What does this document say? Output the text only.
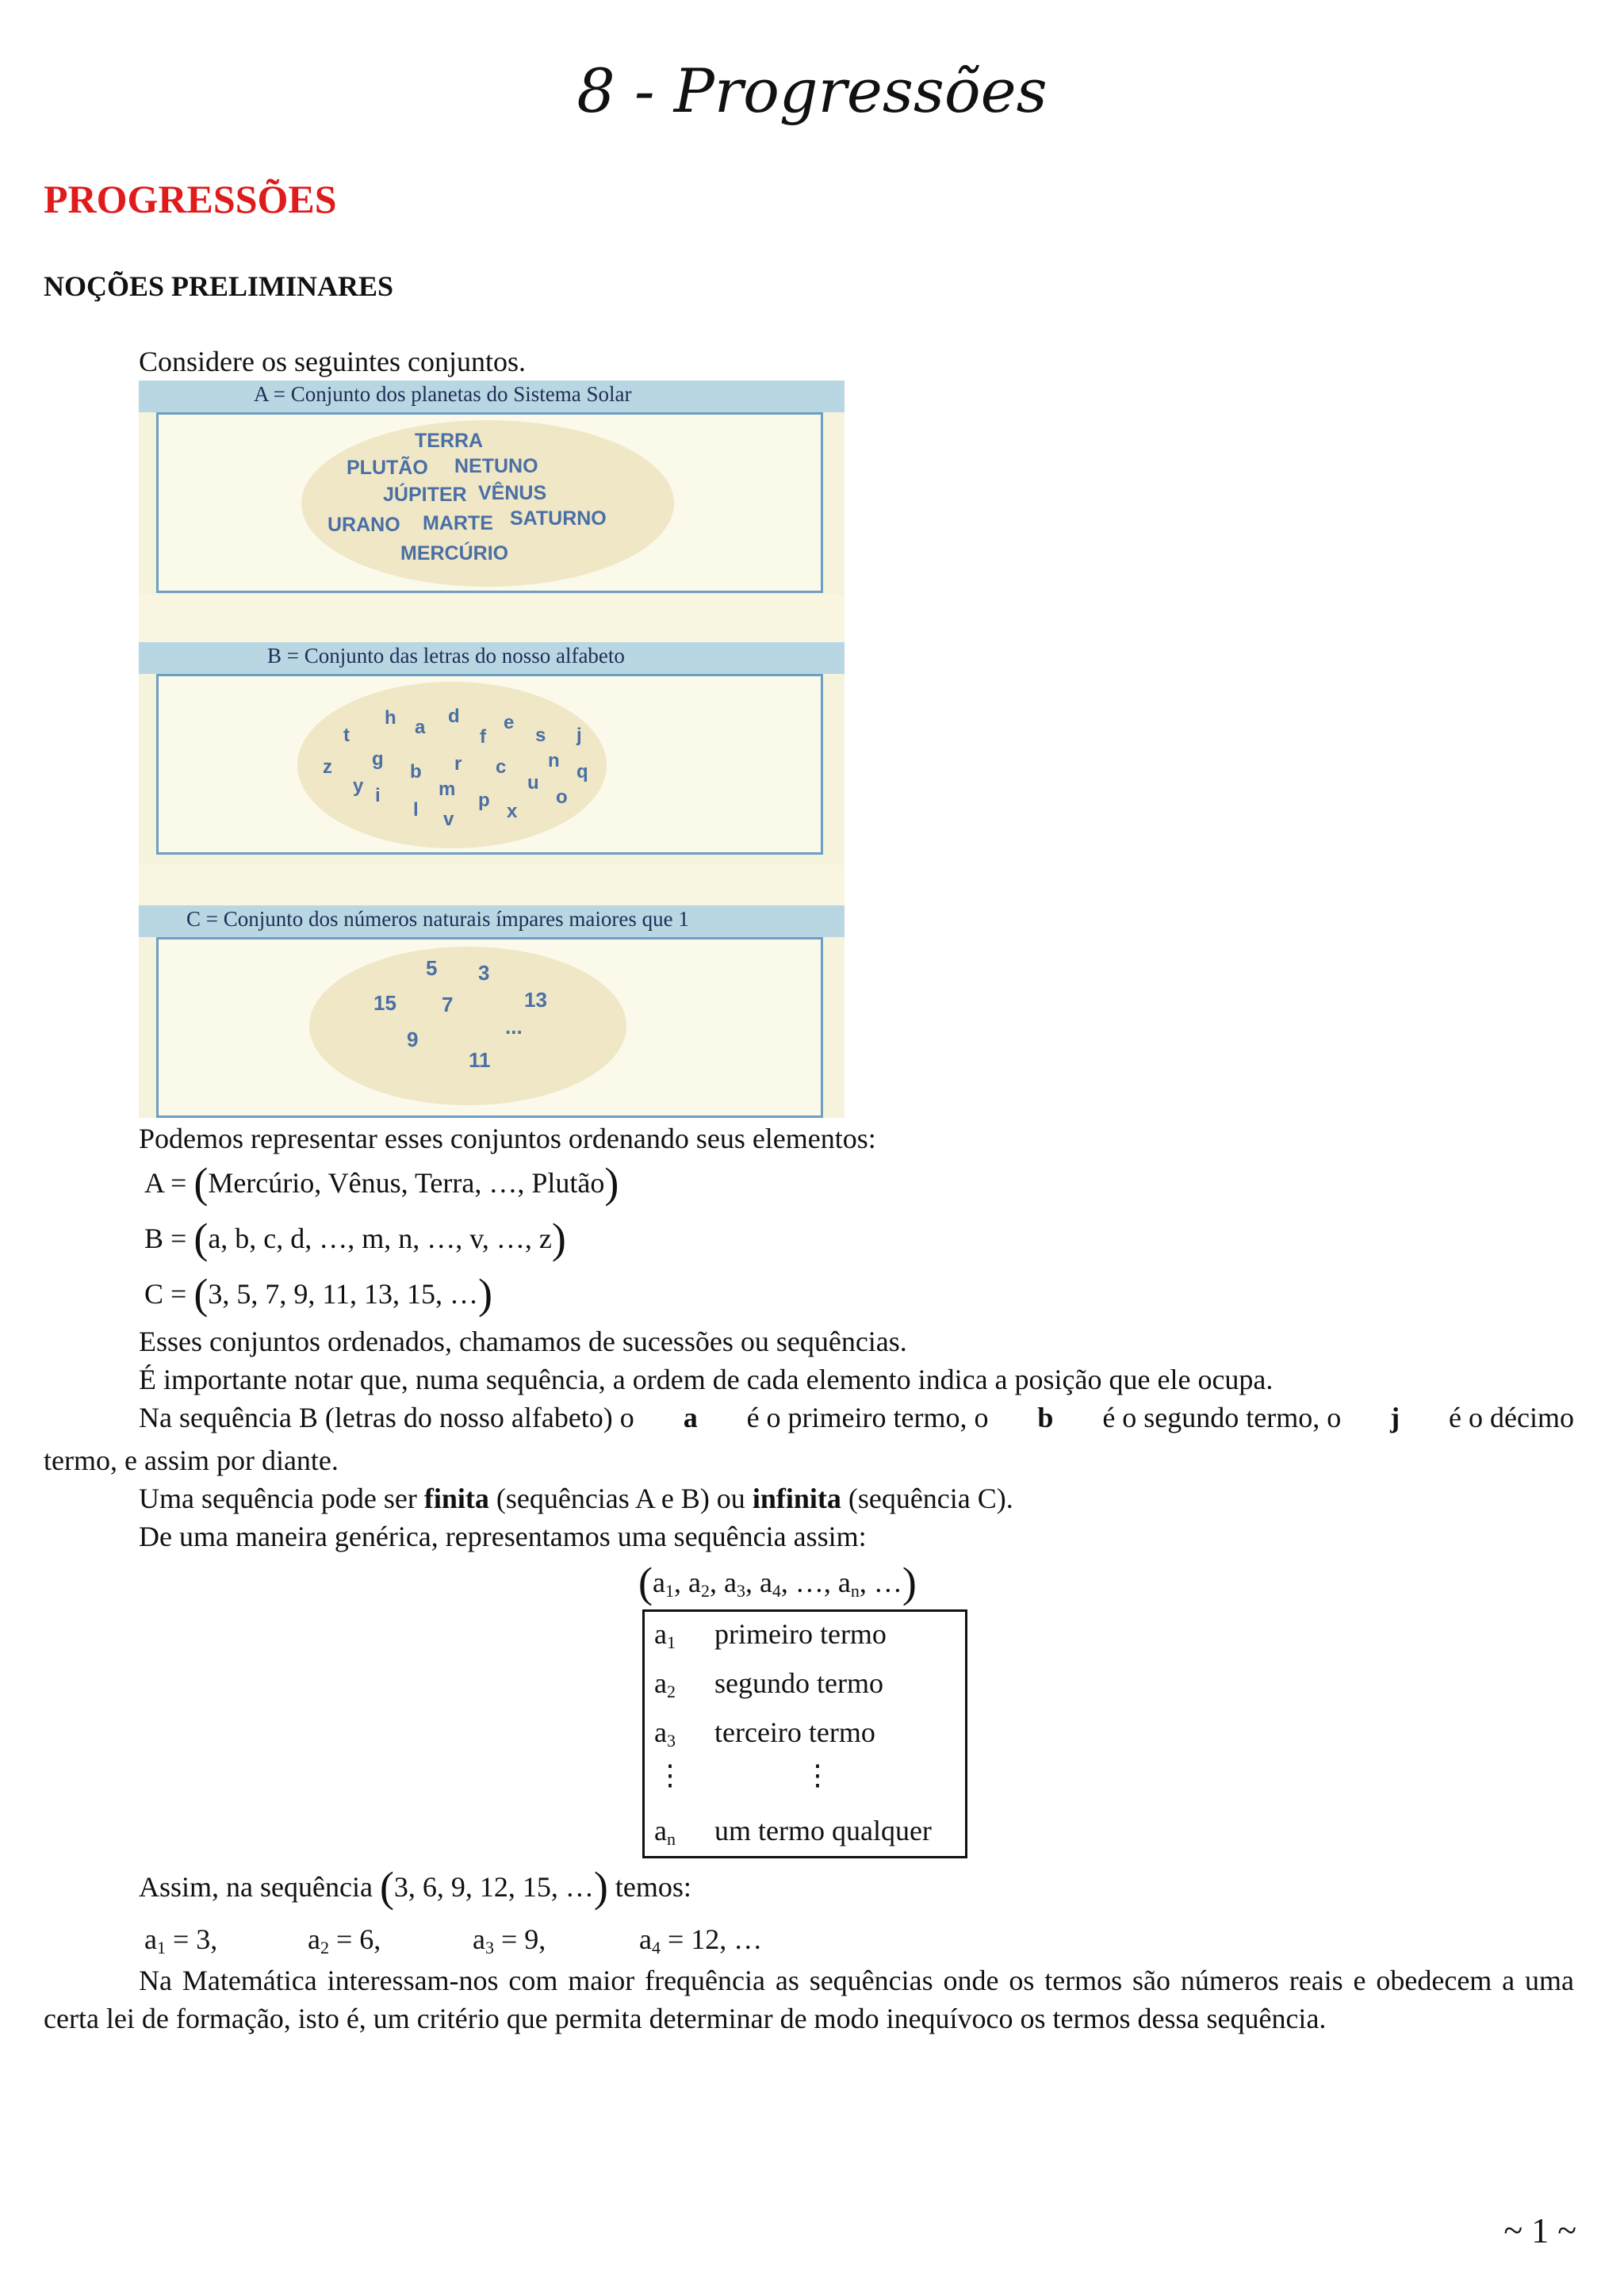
8 - Progressões
PROGRESSÕES
NOÇÕES PRELIMINARES
Considere os seguintes conjuntos.
A = Conjunto dos planetas do Sistema Solar
TERRA
PLUTÃO NETUNO
JÚPITER VÊNUS
URANO MARTE SATURNO
MERCÚRIO
B = Conjunto das letras do nosso alfabeto
h	d
a	e
t	f	s j
z g	r c n
b	q
y	m	u
i	p	o
l	x
v
C = Conjunto dos números naturais ímpares maiores que 1
5 3
15 7	13
...
9
11
Podemos representar esses conjuntos ordenando seus elementos:
A = (Mercúrio, Vênus, Terra, …, Plutão)
B = (a, b, c, d, …, m, n, …, v, …, z)
C = (3, 5, 7, 9, 11, 13, 15, …)
Esses conjuntos ordenados, chamamos de sucessões ou sequências.
É importante notar que, numa sequência, a ordem de cada elemento indica a posição que ele ocupa.
Na sequência B (letras do nosso alfabeto) o a é o primeiro termo, o b é o segundo termo, o j é o décimo
termo, e assim por diante.
Uma sequência pode ser finita (sequências A e B) ou infinita (sequência C).
De uma maneira genérica, representamos uma sequência assim:
($a_1$, $a_2$, $a_3$, $a_4$, …, $a_n$, …)
$a_1$ primeiro termo
$a_2$ segundo termo
$a_3$ terceiro termo
⋮	⋮
$a_n$ um termo qualquer
Assim, na sequência (3, 6, 9, 12, 15, …) temos:
$a_1 = 3$,	$a_2 = 6$,	$a_3 = 9$,	$a_4 = 12$, …
Na Matemática interessam-nos com maior frequência as sequências onde os termos são números reais e obedecem a uma certa lei de formação, isto é, um critério que permita determinar de modo inequívoco os termos dessa sequência.
~ 1 ~
